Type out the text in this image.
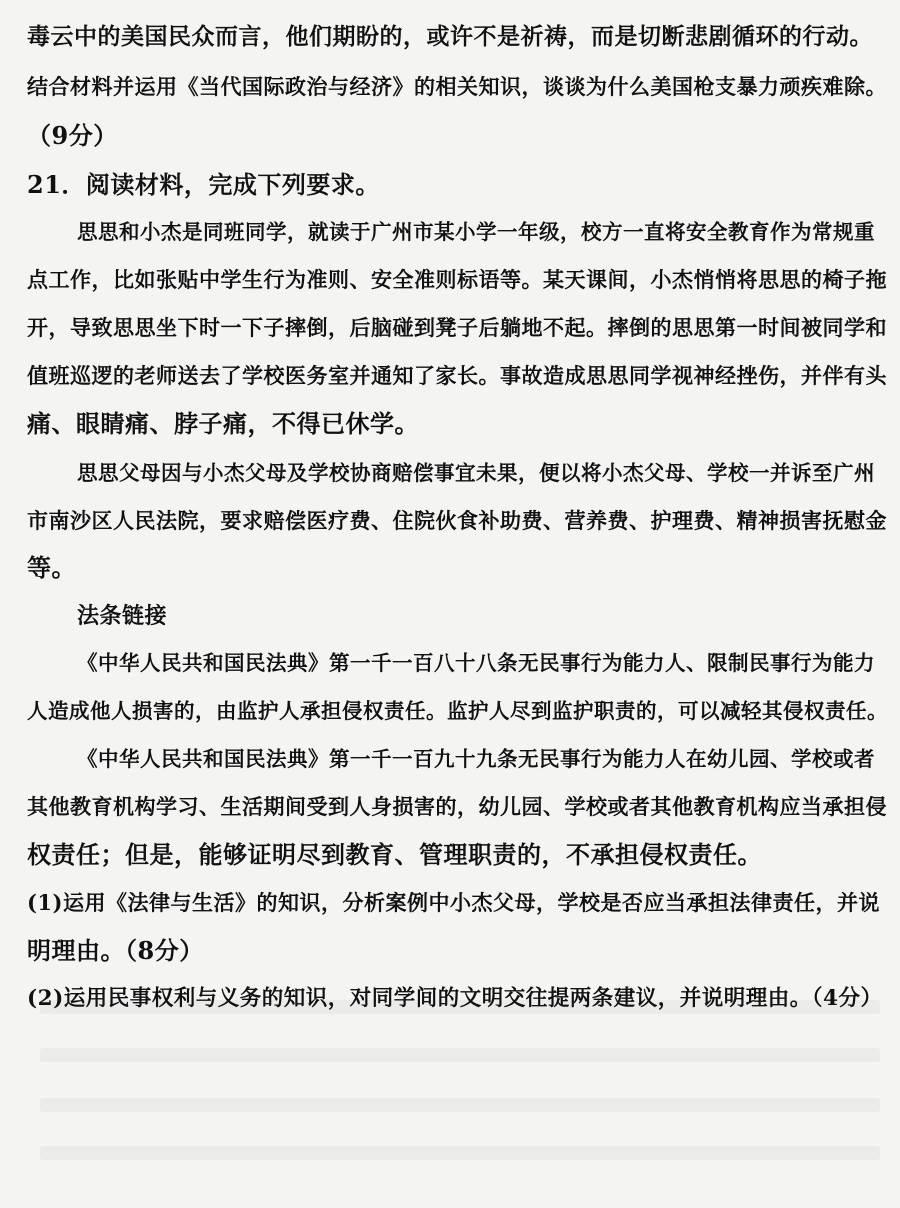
毒云中的美国民众而言，他们期盼的，或许不是祈祷，而是切断悲剧循环的行动。
结合材料并运用《当代国际政治与经济》的相关知识，谈谈为什么美国枪支暴力顽疾难除。
（9分）
21．阅读材料，完成下列要求。
思思和小杰是同班同学，就读于广州市某小学一年级，校方一直将安全教育作为常规重
点工作，比如张贴中学生行为准则、安全准则标语等。某天课间，小杰悄悄将思思的椅子拖
开，导致思思坐下时一下子摔倒，后脑碰到凳子后躺地不起。摔倒的思思第一时间被同学和
值班巡逻的老师送去了学校医务室并通知了家长。事故造成思思同学视神经挫伤，并伴有头
痛、眼睛痛、脖子痛，不得已休学。
思思父母因与小杰父母及学校协商赔偿事宜未果，便以将小杰父母、学校一并诉至广州
市南沙区人民法院，要求赔偿医疗费、住院伙食补助费、营养费、护理费、精神损害抚慰金
等。
法条链接
《中华人民共和国民法典》第一千一百八十八条无民事行为能力人、限制民事行为能力
人造成他人损害的，由监护人承担侵权责任。监护人尽到监护职责的，可以减轻其侵权责任。
《中华人民共和国民法典》第一千一百九十九条无民事行为能力人在幼儿园、学校或者
其他教育机构学习、生活期间受到人身损害的，幼儿园、学校或者其他教育机构应当承担侵
权责任；但是，能够证明尽到教育、管理职责的，不承担侵权责任。
(1)运用《法律与生活》的知识，分析案例中小杰父母，学校是否应当承担法律责任，并说
明理由。（8分）
(2)运用民事权利与义务的知识，对同学间的文明交往提两条建议，并说明理由。（4分）
